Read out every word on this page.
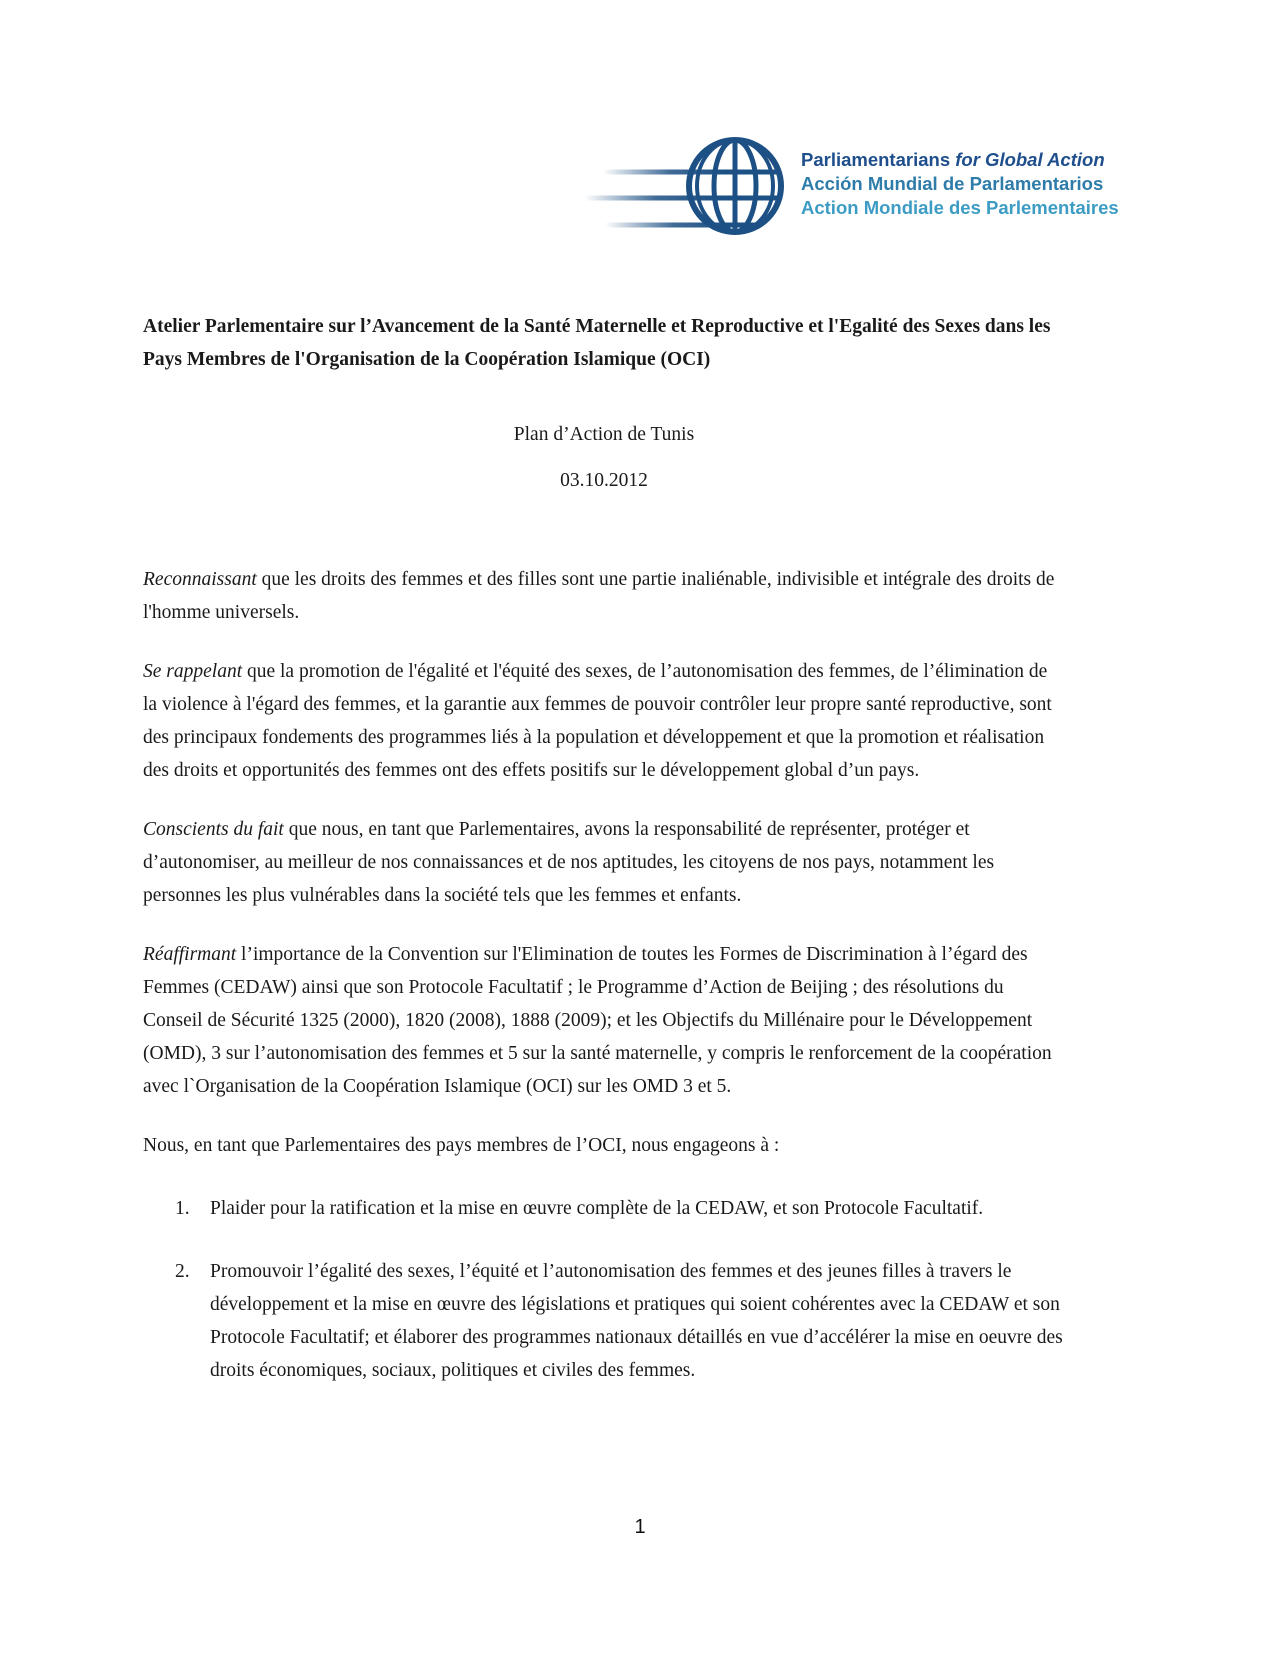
Parliamentarians for Global Action
Acción Mundial de Parlamentarios
Action Mondiale des Parlementaires
Atelier Parlementaire sur l’Avancement de la Santé Maternelle et Reproductive et l'Egalité des Sexes dans les Pays Membres de l'Organisation de la Coopération Islamique (OCI)

Plan d’Action de Tunis

03.10.2012

Reconnaissant que les droits des femmes et des filles sont une partie inaliénable, indivisible et intégrale des droits de l'homme universels.

Se rappelant que la promotion de l'égalité et l'équité des sexes, de l’autonomisation des femmes, de l’élimination de la violence à l'égard des femmes, et la garantie aux femmes de pouvoir contrôler leur propre santé reproductive, sont des principaux fondements des programmes liés à la population et développement et que la promotion et réalisation des droits et opportunités des femmes ont des effets positifs sur le développement global d’un pays.

Conscients du fait que nous, en tant que Parlementaires, avons la responsabilité de représenter, protéger et d’autonomiser, au meilleur de nos connaissances et de nos aptitudes, les citoyens de nos pays, notamment les personnes les plus vulnérables dans la société tels que les femmes et enfants.

Réaffirmant l’importance de la Convention sur l'Elimination de toutes les Formes de Discrimination à l’égard des Femmes (CEDAW) ainsi que son Protocole Facultatif ; le Programme d’Action de Beijing ; des résolutions du Conseil de Sécurité 1325 (2000), 1820 (2008), 1888 (2009); et les Objectifs du Millénaire pour le Développement (OMD), 3 sur l’autonomisation des femmes et 5 sur la santé maternelle, y compris le renforcement de la coopération avec l`Organisation de la Coopération Islamique (OCI) sur les OMD 3 et 5.

Nous, en tant que Parlementaires des pays membres de l’OCI, nous engageons à :

1.	Plaider pour la ratification et la mise en œuvre complète de la CEDAW, et son Protocole Facultatif.
2.	Promouvoir l’égalité des sexes, l’équité et l’autonomisation des femmes et des jeunes filles à travers le développement et la mise en œuvre des législations et pratiques qui soient cohérentes avec la CEDAW et son Protocole Facultatif; et élaborer des programmes nationaux détaillés en vue d’accélérer la mise en oeuvre des droits économiques, sociaux, politiques et civiles des femmes.
1
